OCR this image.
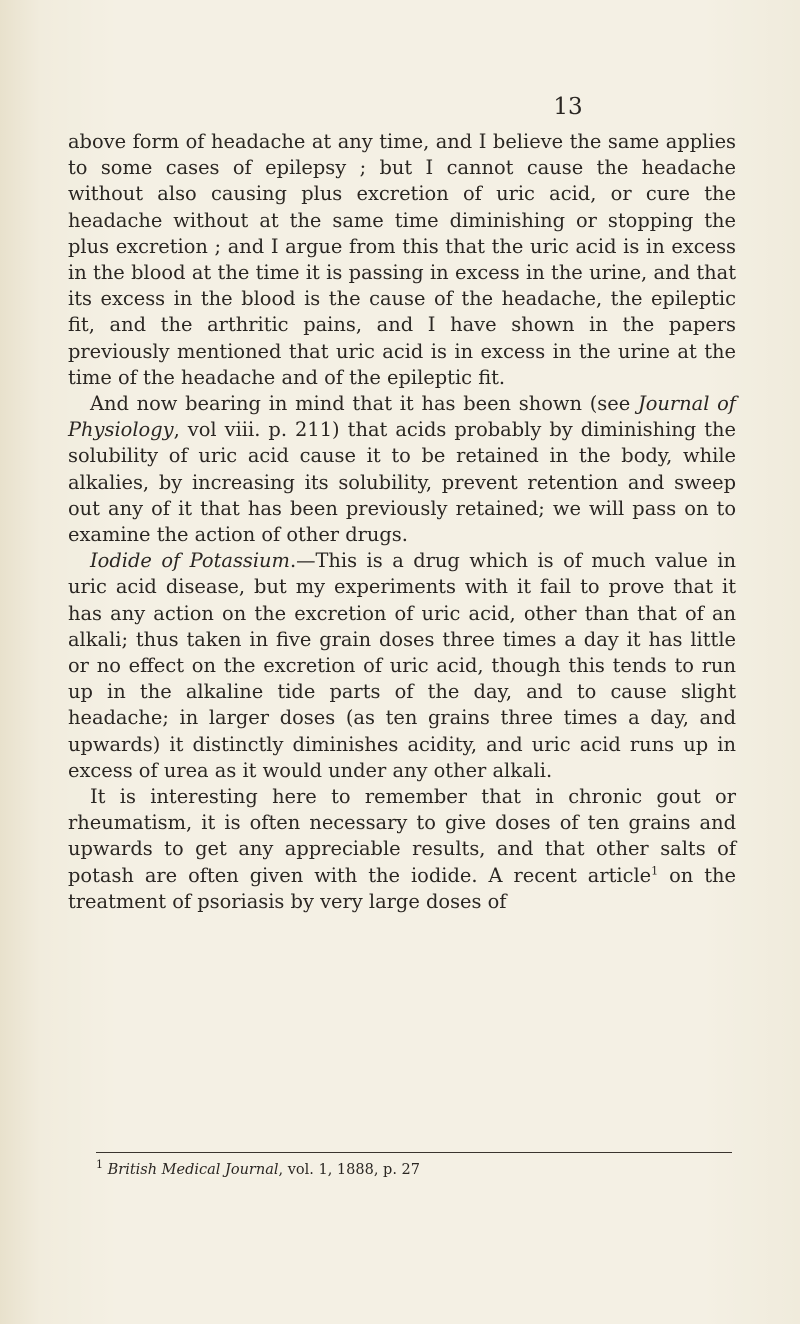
13

above form of headache at any time, and I believe the same applies to some cases of epilepsy ; but I cannot cause the headache without also causing plus excretion of uric acid, or cure the headache without at the same time diminishing or stopping the plus excretion ; and I argue from this that the uric acid is in excess in the blood at the time it is passing in excess in the urine, and that its excess in the blood is the cause of the headache, the epileptic fit, and the arthritic pains, and I have shown in the papers previously mentioned that uric acid is in excess in the urine at the time of the headache and of the epileptic fit.

And now bearing in mind that it has been shown (see Journal of Physiology, vol viii. p. 211) that acids probably by diminishing the solubility of uric acid cause it to be retained in the body, while alkalies, by increasing its solubility, prevent retention and sweep out any of it that has been previously retained; we will pass on to examine the action of other drugs.

Iodide of Potassium.—This is a drug which is of much value in uric acid disease, but my experiments with it fail to prove that it has any action on the excretion of uric acid, other than that of an alkali; thus taken in five grain doses three times a day it has little or no effect on the excretion of uric acid, though this tends to run up in the alkaline tide parts of the day, and to cause slight headache; in larger doses (as ten grains three times a day, and upwards) it distinctly diminishes acidity, and uric acid runs up in excess of urea as it would under any other alkali.

It is interesting here to remember that in chronic gout or rheumatism, it is often necessary to give doses of ten grains and upwards to get any appreciable results, and that other salts of potash are often given with the iodide. A recent article$^1$ on the treatment of psoriasis by very large doses of

$^1$ British Medical Journal, vol. 1, 1888, p. 27
